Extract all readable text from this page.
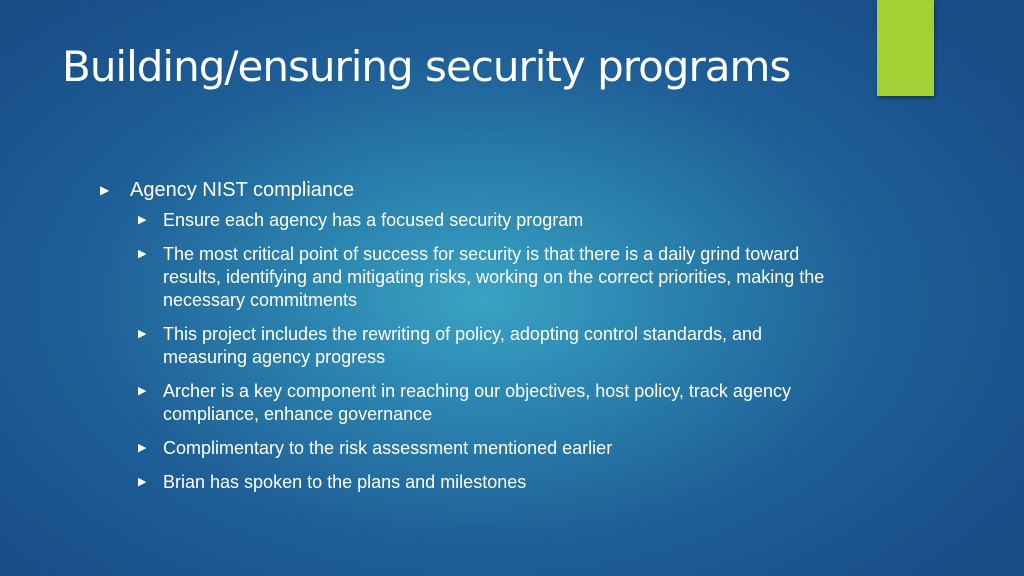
Building/ensuring security programs
▶	Agency NIST compliance
▶ Ensure each agency has a focused security program
▶ The most critical point of success for security is that there is a daily grind toward results, identifying and mitigating risks, working on the correct priorities, making the necessary commitments
▶ This project includes the rewriting of policy, adopting control standards, and measuring agency progress
▶ Archer is a key component in reaching our objectives, host policy, track agency compliance, enhance governance
▶ Complimentary to the risk assessment mentioned earlier
▶ Brian has spoken to the plans and milestones
